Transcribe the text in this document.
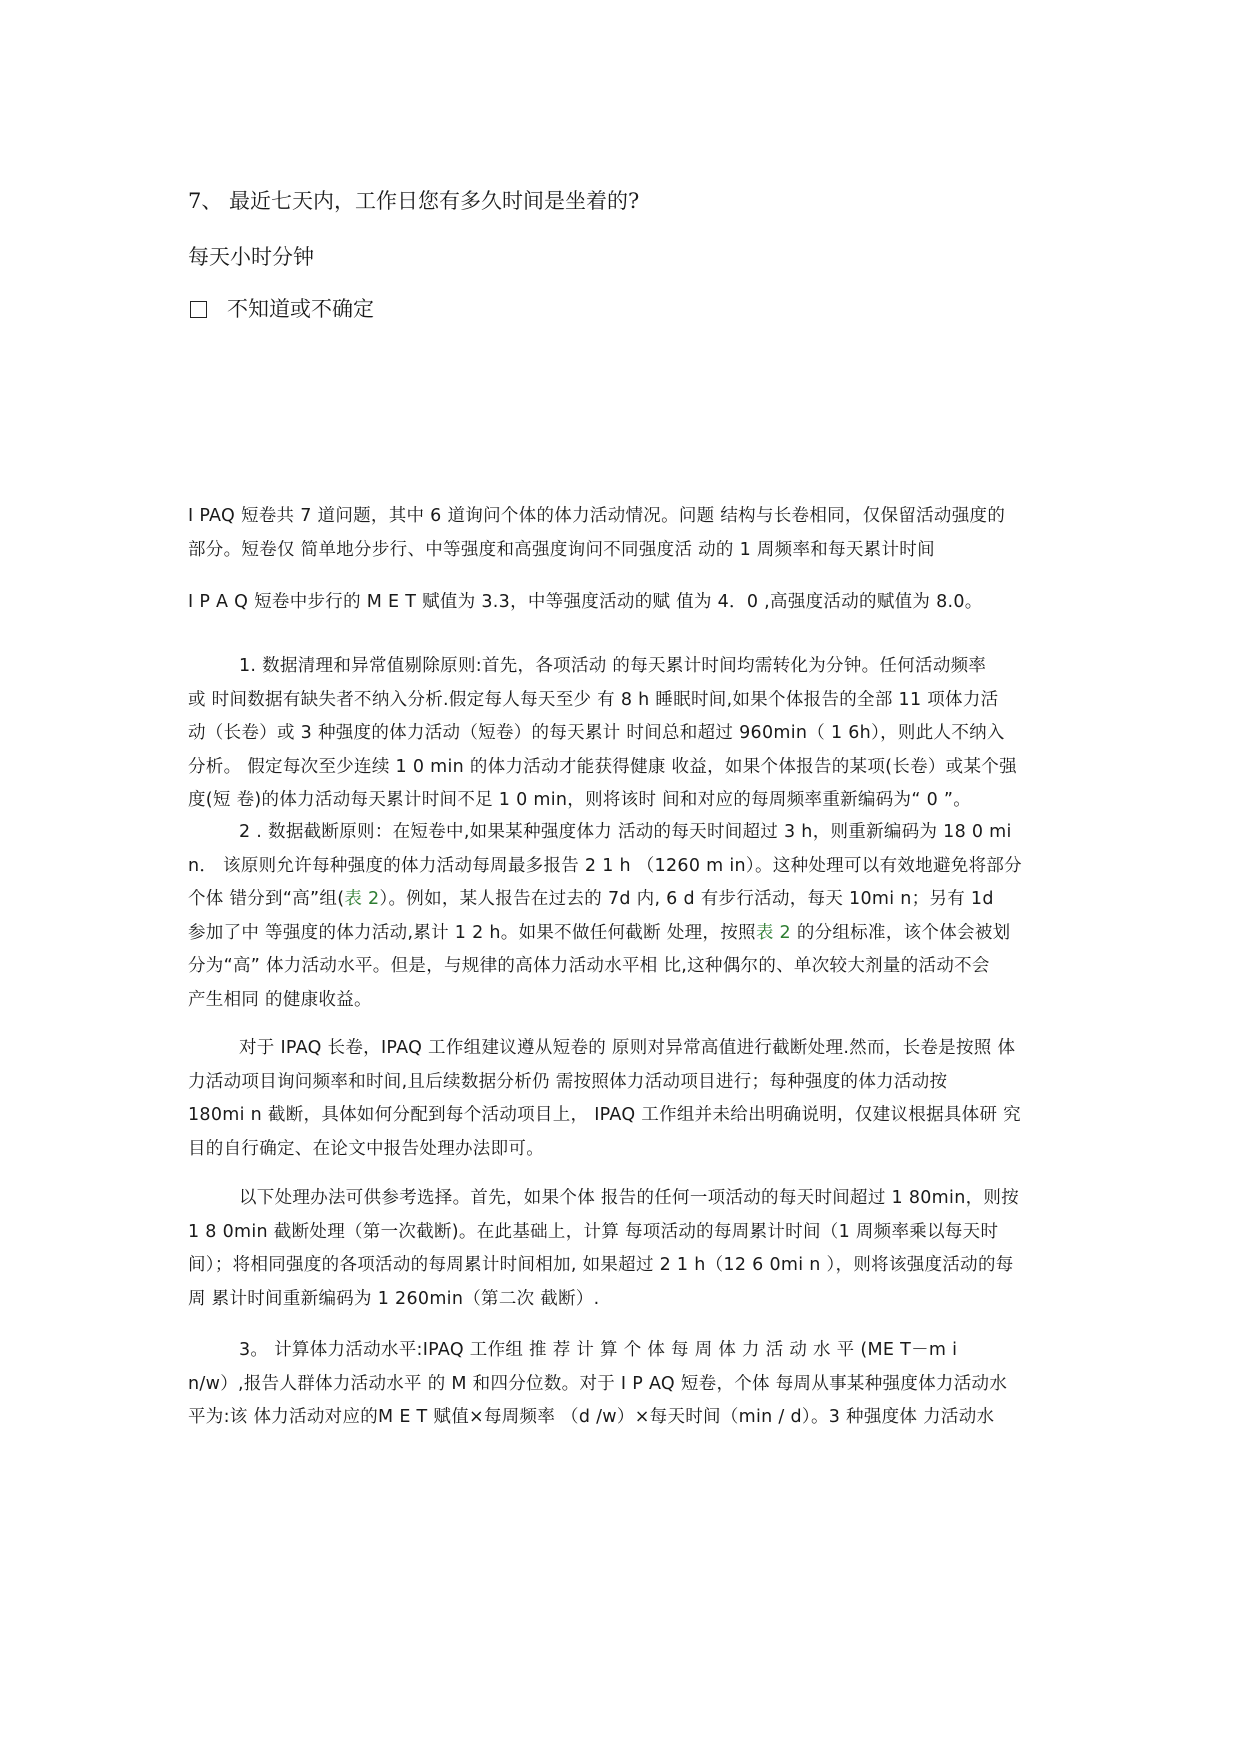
7、 最近七天内，工作日您有多久时间是坐着的?
每天小时分钟
不知道或不确定
I PAQ 短卷共 7 道问题，其中 6 道询问个体的体力活动情况。问题 结构与长卷相同，仅保留活动强度的
部分。短卷仅 简单地分步行、中等强度和高强度询问不同强度活 动的 1 周频率和每天累计时间
I P A Q 短卷中步行的 M E T 赋值为 3.3，中等强度活动的赋 值为 4．0 ,高强度活动的赋值为 8.0。
1. 数据清理和异常值剔除原则:首先，各项活动 的每天累计时间均需转化为分钟。任何活动频率
或 时间数据有缺失者不纳入分析.假定每人每天至少 有 8 h 睡眠时间,如果个体报告的全部 11 项体力活
动（长卷）或 3 种强度的体力活动（短卷）的每天累计 时间总和超过 960min（ 1 6h），则此人不纳入
分析。 假定每次至少连续 1 0 min 的体力活动才能获得健康 收益，如果个体报告的某项(长卷）或某个强
度(短 卷)的体力活动每天累计时间不足 1 0 min，则将该时 间和对应的每周频率重新编码为“ 0 ”。
2 . 数据截断原则：在短卷中,如果某种强度体力 活动的每天时间超过 3 h，则重新编码为 18 0 mi
n． 该原则允许每种强度的体力活动每周最多报告 2 1 h （1260 m in）。这种处理可以有效地避免将部分
个体 错分到“高”组(表 2）。例如，某人报告在过去的 7d 内, 6 d 有步行活动，每天 10mi n；另有 1d
参加了中 等强度的体力活动,累计 1 2 h。如果不做任何截断 处理，按照表 2 的分组标准，该个体会被划
分为“高” 体力活动水平。但是，与规律的高体力活动水平相 比,这种偶尔的、单次较大剂量的活动不会
产生相同 的健康收益。
对于 IPAQ 长卷，IPAQ 工作组建议遵从短卷的 原则对异常高值进行截断处理.然而，长卷是按照 体
力活动项目询问频率和时间,且后续数据分析仍 需按照体力活动项目进行；每种强度的体力活动按
180mi n 截断，具体如何分配到每个活动项目上， IPAQ 工作组并未给出明确说明，仅建议根据具体研 究
目的自行确定、在论文中报告处理办法即可。
以下处理办法可供参考选择。首先，如果个体 报告的任何一项活动的每天时间超过 1 80min，则按
1 8 0min 截断处理（第一次截断)。在此基础上，计算 每项活动的每周累计时间（1 周频率乘以每天时
间）；将相同强度的各项活动的每周累计时间相加, 如果超过 2 1 h（12 6 0mi n ），则将该强度活动的每
周 累计时间重新编码为 1 260min（第二次 截断）.
3。 计算体力活动水平:IPAQ 工作组 推 荐 计 算 个 体 每 周 体 力 活 动 水 平 (ME T－m i
n/w）,报告人群体力活动水平 的 M 和四分位数。对于 I P AQ 短卷，个体 每周从事某种强度体力活动水
平为:该 体力活动对应的M E T 赋值×每周频率 （d /w）×每天时间（min / d）。3 种强度体 力活动水
